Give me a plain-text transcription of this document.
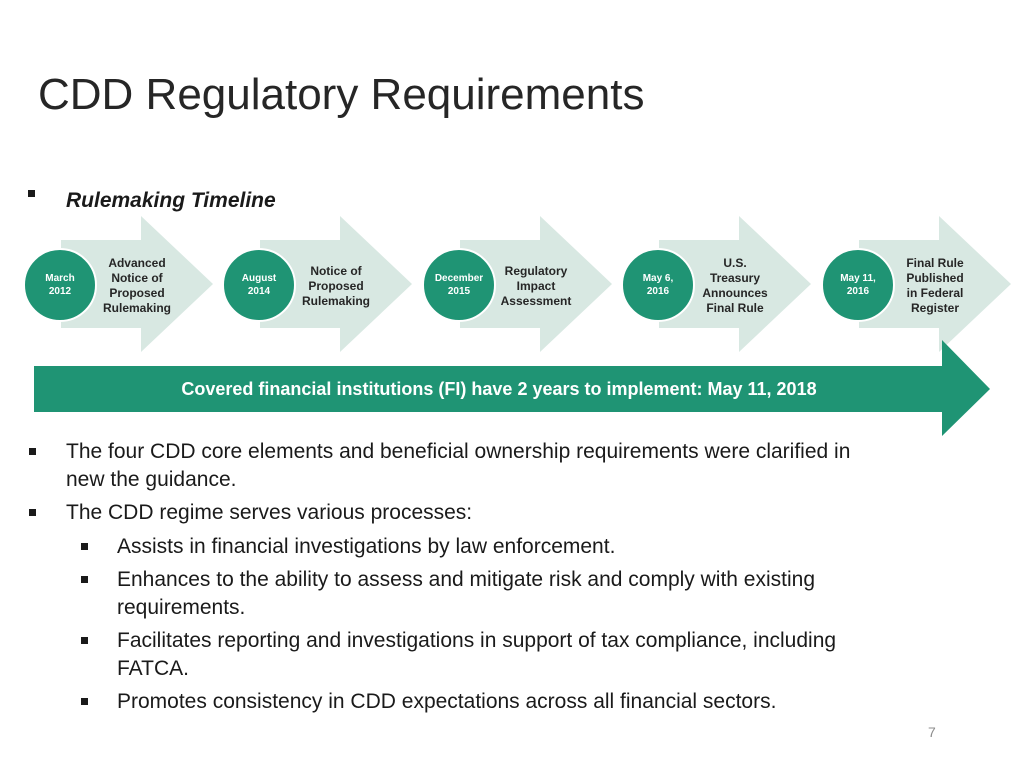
CDD Regulatory Requirements
Rulemaking Timeline
March
2012
Advanced
Notice of
Proposed
Rulemaking
August
2014
Notice of
Proposed
Rulemaking
December
2015
Regulatory
Impact
Assessment
May 6,
2016
U.S.
Treasury
Announces
Final Rule
May 11,
2016
Final Rule
Published
in Federal
Register
Covered financial institutions (FI) have 2 years to implement: May 11, 2018
The four CDD core elements and beneficial ownership requirements were clarified in new the guidance.
The CDD regime serves various processes:
Assists in financial investigations by law enforcement.
Enhances to the ability to assess and mitigate risk and comply with existing requirements.
Facilitates reporting and investigations in support of tax compliance, including FATCA.
Promotes consistency in CDD expectations across all financial sectors.
7
